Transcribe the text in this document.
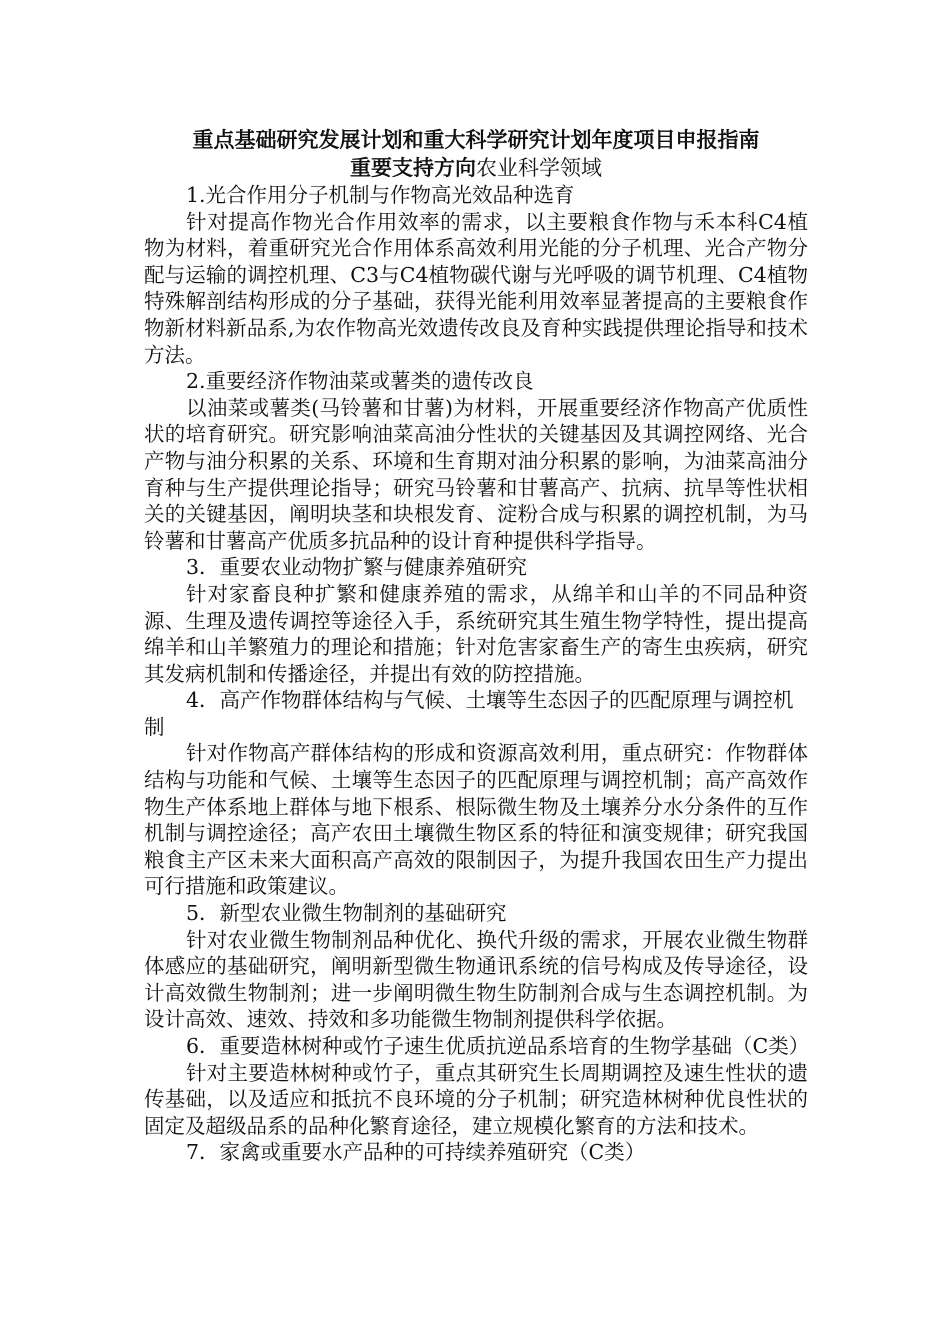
重点基础研究发展计划和重大科学研究计划年度项目申报指南
重要支持方向农业科学领域

1.光合作用分子机制与作物高光效品种选育

针对提高作物光合作用效率的需求，以主要粮食作物与禾本科C4植物为材料，着重研究光合作用体系高效利用光能的分子机理、光合产物分配与运输的调控机理、C3与C4植物碳代谢与光呼吸的调节机理、C4植物特殊解剖结构形成的分子基础，获得光能利用效率显著提高的主要粮食作物新材料新品系,为农作物高光效遗传改良及育种实践提供理论指导和技术方法。

2.重要经济作物油菜或薯类的遗传改良

以油菜或薯类(马铃薯和甘薯)为材料，开展重要经济作物高产优质性状的培育研究。研究影响油菜高油分性状的关键基因及其调控网络、光合产物与油分积累的关系、环境和生育期对油分积累的影响，为油菜高油分育种与生产提供理论指导；研究马铃薯和甘薯高产、抗病、抗旱等性状相关的关键基因，阐明块茎和块根发育、淀粉合成与积累的调控机制，为马铃薯和甘薯高产优质多抗品种的设计育种提供科学指导。

3．重要农业动物扩繁与健康养殖研究

针对家畜良种扩繁和健康养殖的需求，从绵羊和山羊的不同品种资源、生理及遗传调控等途径入手，系统研究其生殖生物学特性，提出提高绵羊和山羊繁殖力的理论和措施；针对危害家畜生产的寄生虫疾病，研究其发病机制和传播途径，并提出有效的防控措施。

4．高产作物群体结构与气候、土壤等生态因子的匹配原理与调控机制

针对作物高产群体结构的形成和资源高效利用，重点研究：作物群体结构与功能和气候、土壤等生态因子的匹配原理与调控机制；高产高效作物生产体系地上群体与地下根系、根际微生物及土壤养分水分条件的互作机制与调控途径；高产农田土壤微生物区系的特征和演变规律；研究我国粮食主产区未来大面积高产高效的限制因子，为提升我国农田生产力提出可行措施和政策建议。

5．新型农业微生物制剂的基础研究

针对农业微生物制剂品种优化、换代升级的需求，开展农业微生物群体感应的基础研究，阐明新型微生物通讯系统的信号构成及传导途径，设计高效微生物制剂；进一步阐明微生物生防制剂合成与生态调控机制。为设计高效、速效、持效和多功能微生物制剂提供科学依据。

6．重要造林树种或竹子速生优质抗逆品系培育的生物学基础（C类）

针对主要造林树种或竹子，重点其研究生长周期调控及速生性状的遗传基础，以及适应和抵抗不良环境的分子机制；研究造林树种优良性状的固定及超级品系的品种化繁育途径，建立规模化繁育的方法和技术。

7．家禽或重要水产品种的可持续养殖研究（C类）
